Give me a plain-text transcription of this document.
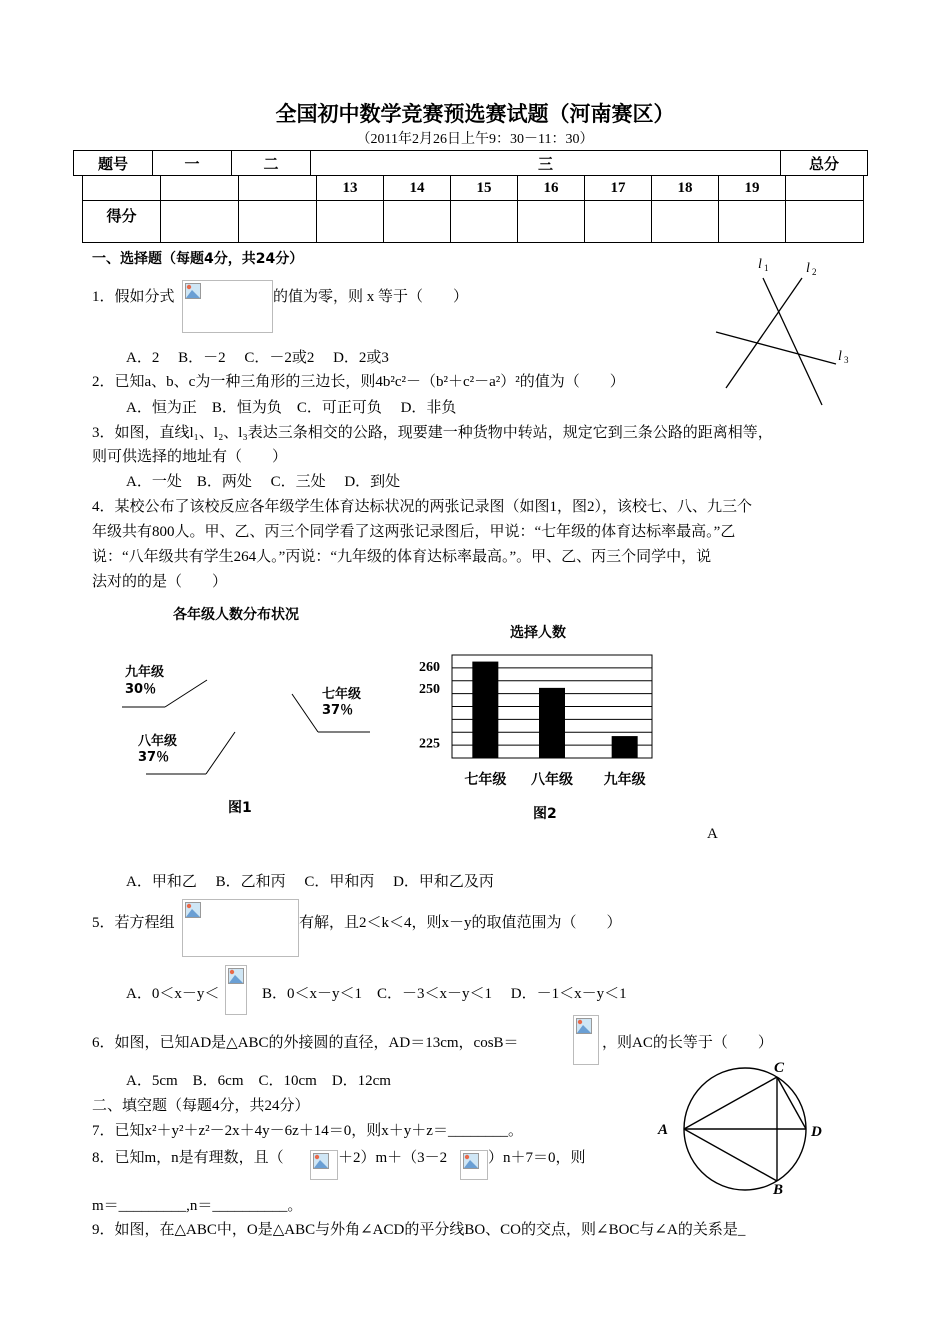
全国初中数学竞赛预选赛试题（河南赛区）
（2011年2月26日上午9：30－11：30）
题号	一	二	三	总分
			13	14	15	16	17	18	19	
得分										
一、选择题（每题4分，共24分）	l 1	l 2
l 3
1．假如分式	的值为零，则 x 等于（　　）
A．2　 B．－2　 C．－2或2　 D．2或3
2．已知a、b、c为一种三角形的三边长，则4b²c²－（b²＋c²－a²）²的值为（　　）
A．恒为正　B．恒为负　C．可正可负　 D．非负
3．如图，直线l₁、l₂、l₃表达三条相交的公路，现要建一种货物中转站，规定它到三条公路的距离相等，
则可供选择的地址有（　　）
A．一处　B．两处　 C．三处　 D．到处
4．某校公布了该校反应各年级学生体育达标状况的两张记录图（如图1，图2），该校七、八、九三个
年级共有800人。甲、乙、丙三个同学看了这两张记录图后，甲说：“七年级的体育达标率最高。”乙
说：“八年级共有学生264人。”丙说：“九年级的体育达标率最高。”。甲、乙、丙三个同学中，说
法对的的是（　　）
各年级人数分布状况
九年级
30％
八年级
37％
七年级
37％
图1
选择人数
260
250
225
七年级 八年级 九年级
图2
A
A．甲和乙　 B．乙和丙　 C．甲和丙　 D．甲和乙及丙
5．若方程组	有解，且2＜k＜4，则x－y的取值范围为（　　）
A．0＜x－y＜	B．0＜x－y＜1　C．－3＜x－y＜1　 D．－1＜x－y＜1
6．如图，已知AD是△ABC的外接圆的直径，AD＝13cm，cosB＝	，则AC的长等于（　　）
A．5cm　B．6cm　C．10cm　D．12cm
A
C
D
B
二、填空题（每题4分，共24分）
7．已知x²＋y²＋z²－2x＋4y－6z＋14＝0，则x＋y＋z＝________。
8．已知m，n是有理数，且（	＋2）m＋（3－2	）n＋7＝0，则
m＝_________,n＝__________。
9．如图，在△ABC中，O是△ABC与外角∠ACD的平分线BO、CO的交点，则∠BOC与∠A的关系是_
